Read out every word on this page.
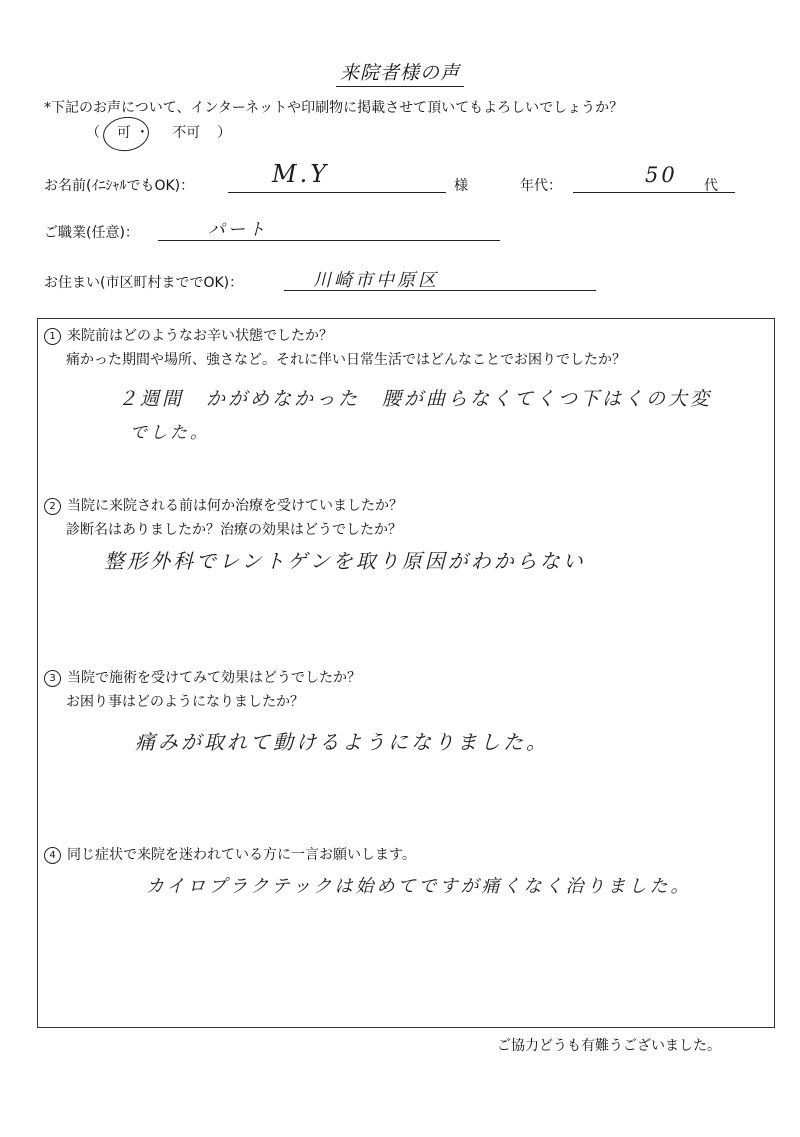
来院者様の声
*下記のお声について、インターネットや印刷物に掲載させて頂いてもよろしいでしょうか？
（ 可 ・ 不可 ）
お名前(ｲﾆｼｬﾙでもOK)：	M.Y	様	年代：	50 代
ご職業(任意)：	パート
お住まい(市区町村まででOK)：	川崎市中原区
1 来院前はどのようなお辛い状態でしたか？
痛かった期間や場所、強さなど。それに伴い日常生活ではどんなことでお困りでしたか？
２週間　かがめなかった　腰が曲らなくてくつ下はくの大変
でした。
2 当院に来院される前は何か治療を受けていましたか？
診断名はありましたか？治療の効果はどうでしたか？
整形外科でレントゲンを取り原因がわからない
3 当院で施術を受けてみて効果はどうでしたか？
お困り事はどのようになりましたか？
痛みが取れて動けるようになりました。
4 同じ症状で来院を迷われている方に一言お願いします。
カイロプラクテックは始めてですが痛くなく治りました。
ご協力どうも有難うございました。
